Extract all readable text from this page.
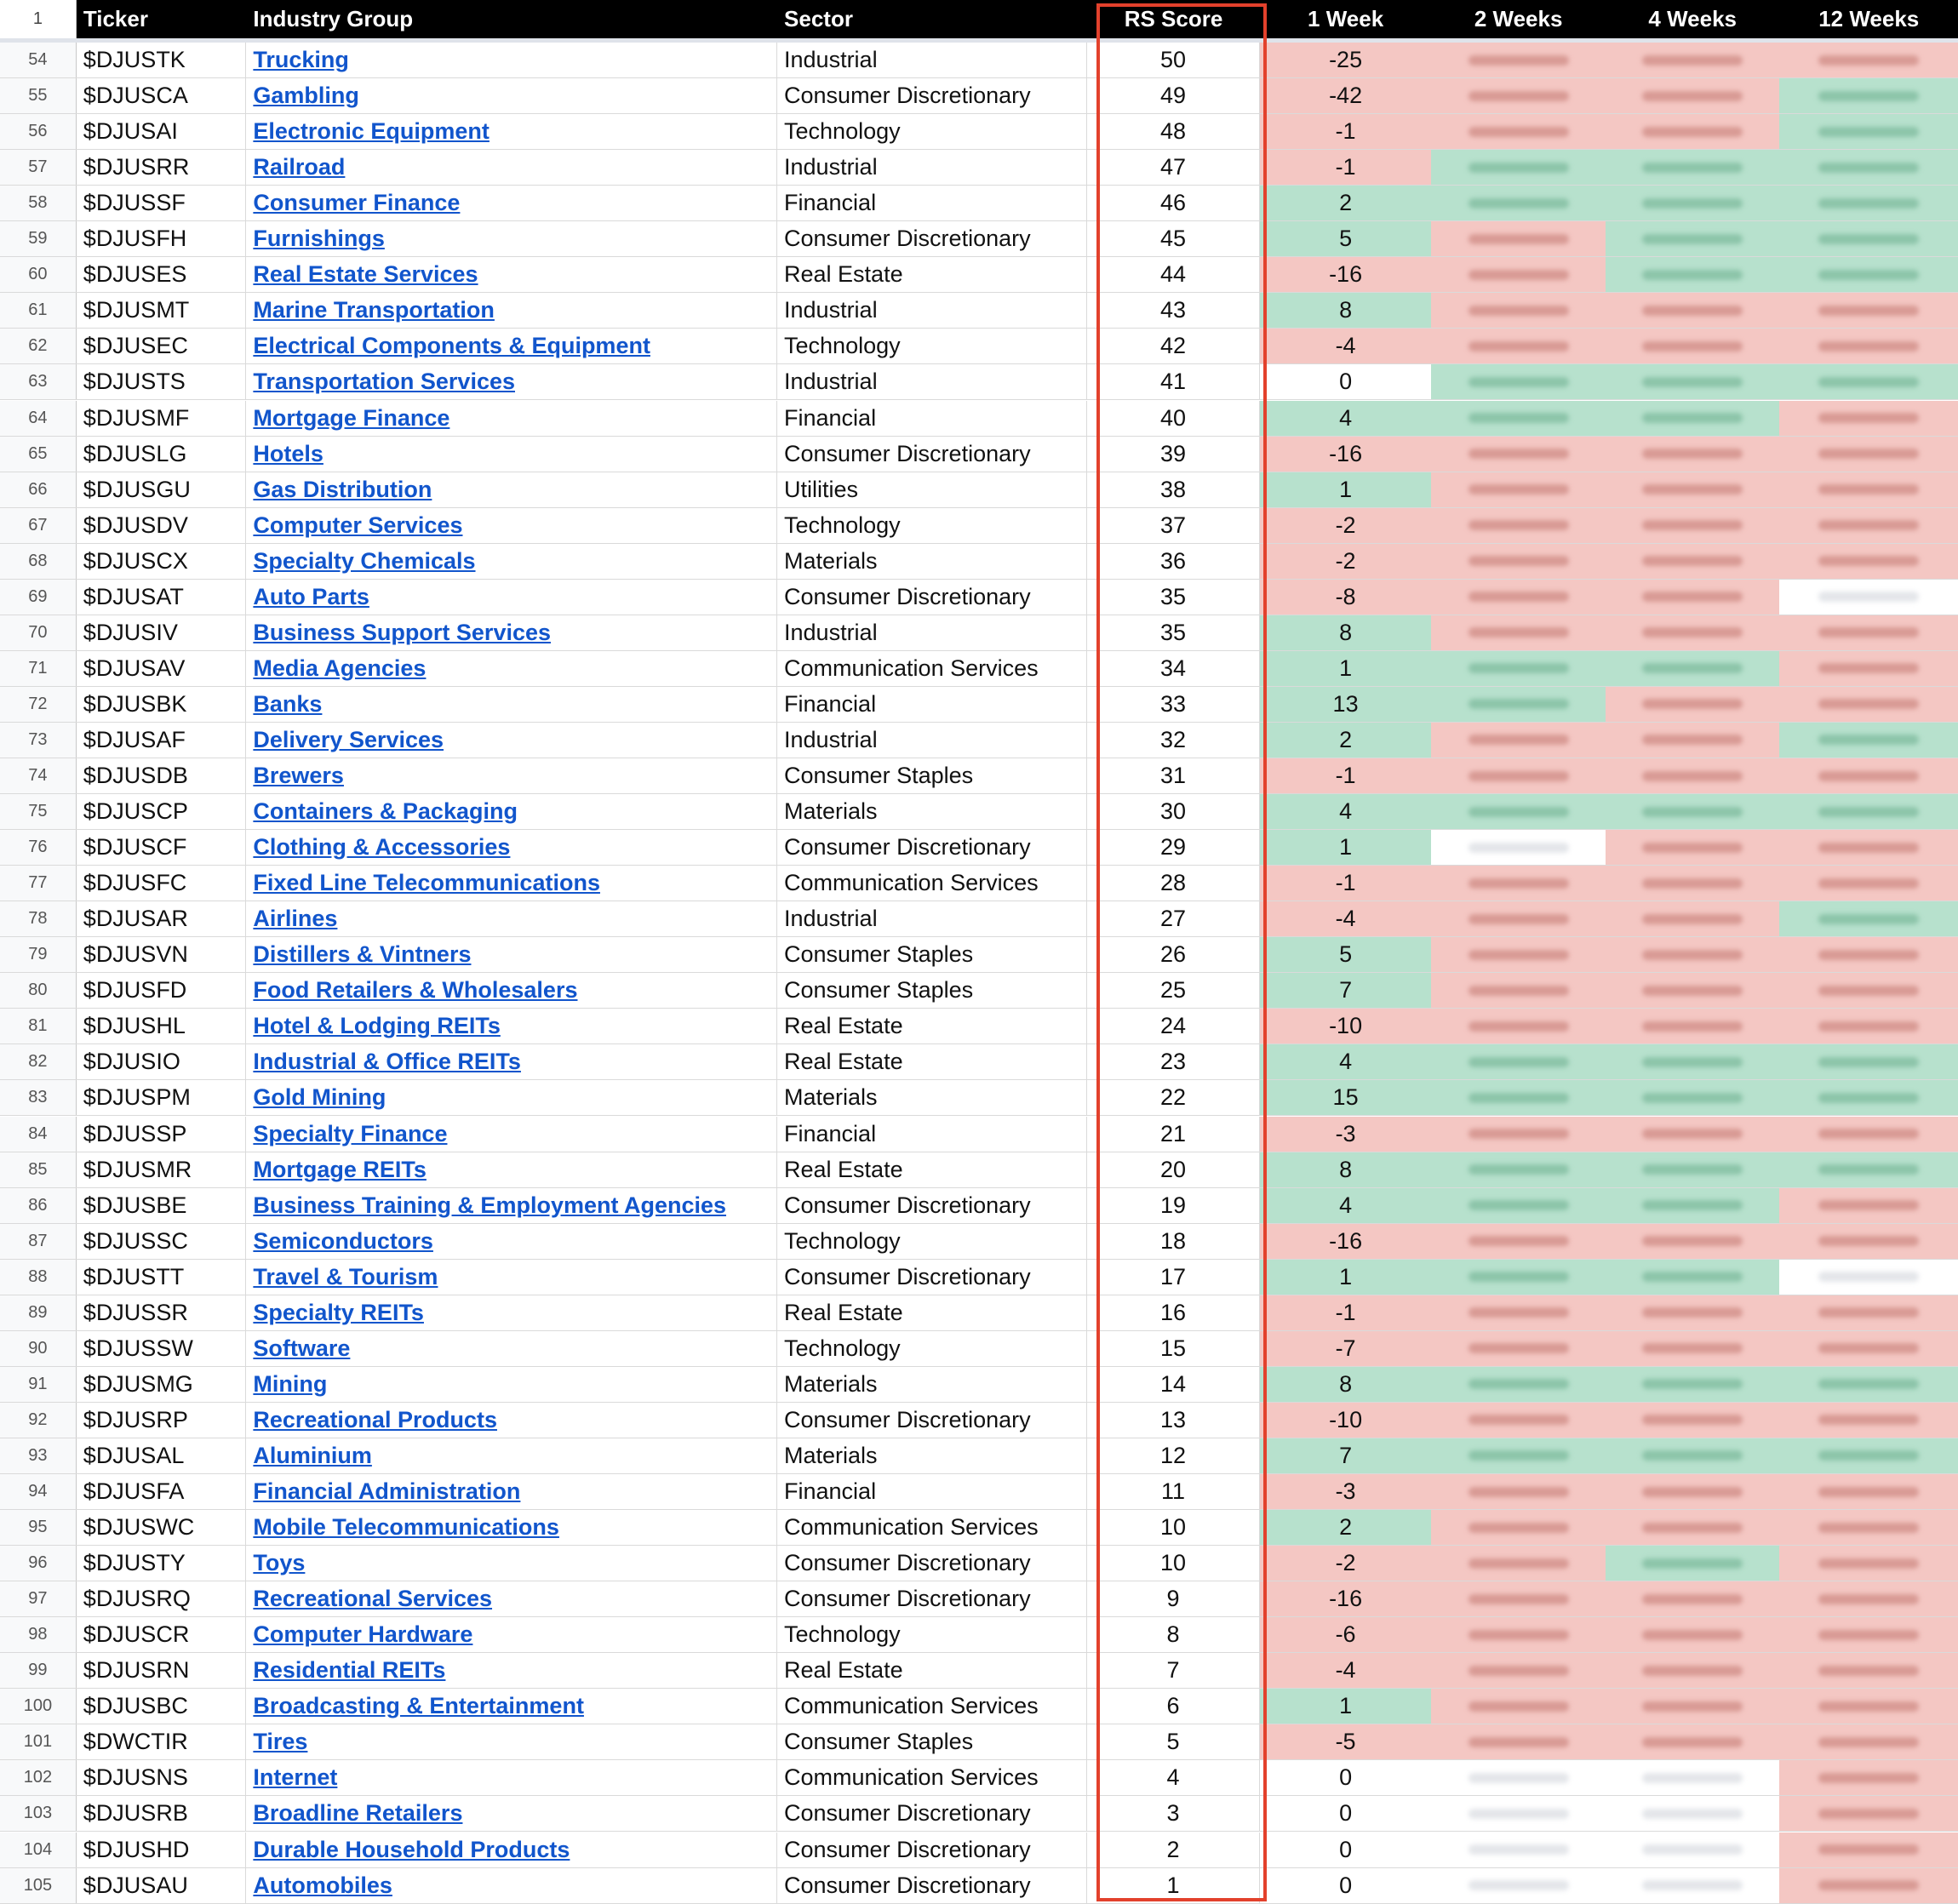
1	Ticker	Industry Group	Sector	RS Score	1 Week	2 Weeks	4 Weeks	12 Weeks
54	$DJUSTK	Trucking	Industrial	50	-25
55	$DJUSCA	Gambling	Consumer Discretionary	49	-42
56	$DJUSAI	Electronic Equipment	Technology	48	-1
57	$DJUSRR	Railroad	Industrial	47	-1
58	$DJUSSF	Consumer Finance	Financial	46	2
59	$DJUSFH	Furnishings	Consumer Discretionary	45	5
60	$DJUSES	Real Estate Services	Real Estate	44	-16
61	$DJUSMT	Marine Transportation	Industrial	43	8
62	$DJUSEC	Electrical Components & Equipment	Technology	42	-4
63	$DJUSTS	Transportation Services	Industrial	41	0
64	$DJUSMF	Mortgage Finance	Financial	40	4
65	$DJUSLG	Hotels	Consumer Discretionary	39	-16
66	$DJUSGU	Gas Distribution	Utilities	38	1
67	$DJUSDV	Computer Services	Technology	37	-2
68	$DJUSCX	Specialty Chemicals	Materials	36	-2
69	$DJUSAT	Auto Parts	Consumer Discretionary	35	-8
70	$DJUSIV	Business Support Services	Industrial	35	8
71	$DJUSAV	Media Agencies	Communication Services	34	1
72	$DJUSBK	Banks	Financial	33	13
73	$DJUSAF	Delivery Services	Industrial	32	2
74	$DJUSDB	Brewers	Consumer Staples	31	-1
75	$DJUSCP	Containers & Packaging	Materials	30	4
76	$DJUSCF	Clothing & Accessories	Consumer Discretionary	29	1
77	$DJUSFC	Fixed Line Telecommunications	Communication Services	28	-1
78	$DJUSAR	Airlines	Industrial	27	-4
79	$DJUSVN	Distillers & Vintners	Consumer Staples	26	5
80	$DJUSFD	Food Retailers & Wholesalers	Consumer Staples	25	7
81	$DJUSHL	Hotel & Lodging REITs	Real Estate	24	-10
82	$DJUSIO	Industrial & Office REITs	Real Estate	23	4
83	$DJUSPM	Gold Mining	Materials	22	15
84	$DJUSSP	Specialty Finance	Financial	21	-3
85	$DJUSMR	Mortgage REITs	Real Estate	20	8
86	$DJUSBE	Business Training & Employment Agencies	Consumer Discretionary	19	4
87	$DJUSSC	Semiconductors	Technology	18	-16
88	$DJUSTT	Travel & Tourism	Consumer Discretionary	17	1
89	$DJUSSR	Specialty REITs	Real Estate	16	-1
90	$DJUSSW	Software	Technology	15	-7
91	$DJUSMG	Mining	Materials	14	8
92	$DJUSRP	Recreational Products	Consumer Discretionary	13	-10
93	$DJUSAL	Aluminium	Materials	12	7
94	$DJUSFA	Financial Administration	Financial	11	-3
95	$DJUSWC	Mobile Telecommunications	Communication Services	10	2
96	$DJUSTY	Toys	Consumer Discretionary	10	-2
97	$DJUSRQ	Recreational Services	Consumer Discretionary	9	-16
98	$DJUSCR	Computer Hardware	Technology	8	-6
99	$DJUSRN	Residential REITs	Real Estate	7	-4
100	$DJUSBC	Broadcasting & Entertainment	Communication Services	6	1
101	$DWCTIR	Tires	Consumer Staples	5	-5
102	$DJUSNS	Internet	Communication Services	4	0
103	$DJUSRB	Broadline Retailers	Consumer Discretionary	3	0
104	$DJUSHD	Durable Household Products	Consumer Discretionary	2	0
105	$DJUSAU	Automobiles	Consumer Discretionary	1	0
